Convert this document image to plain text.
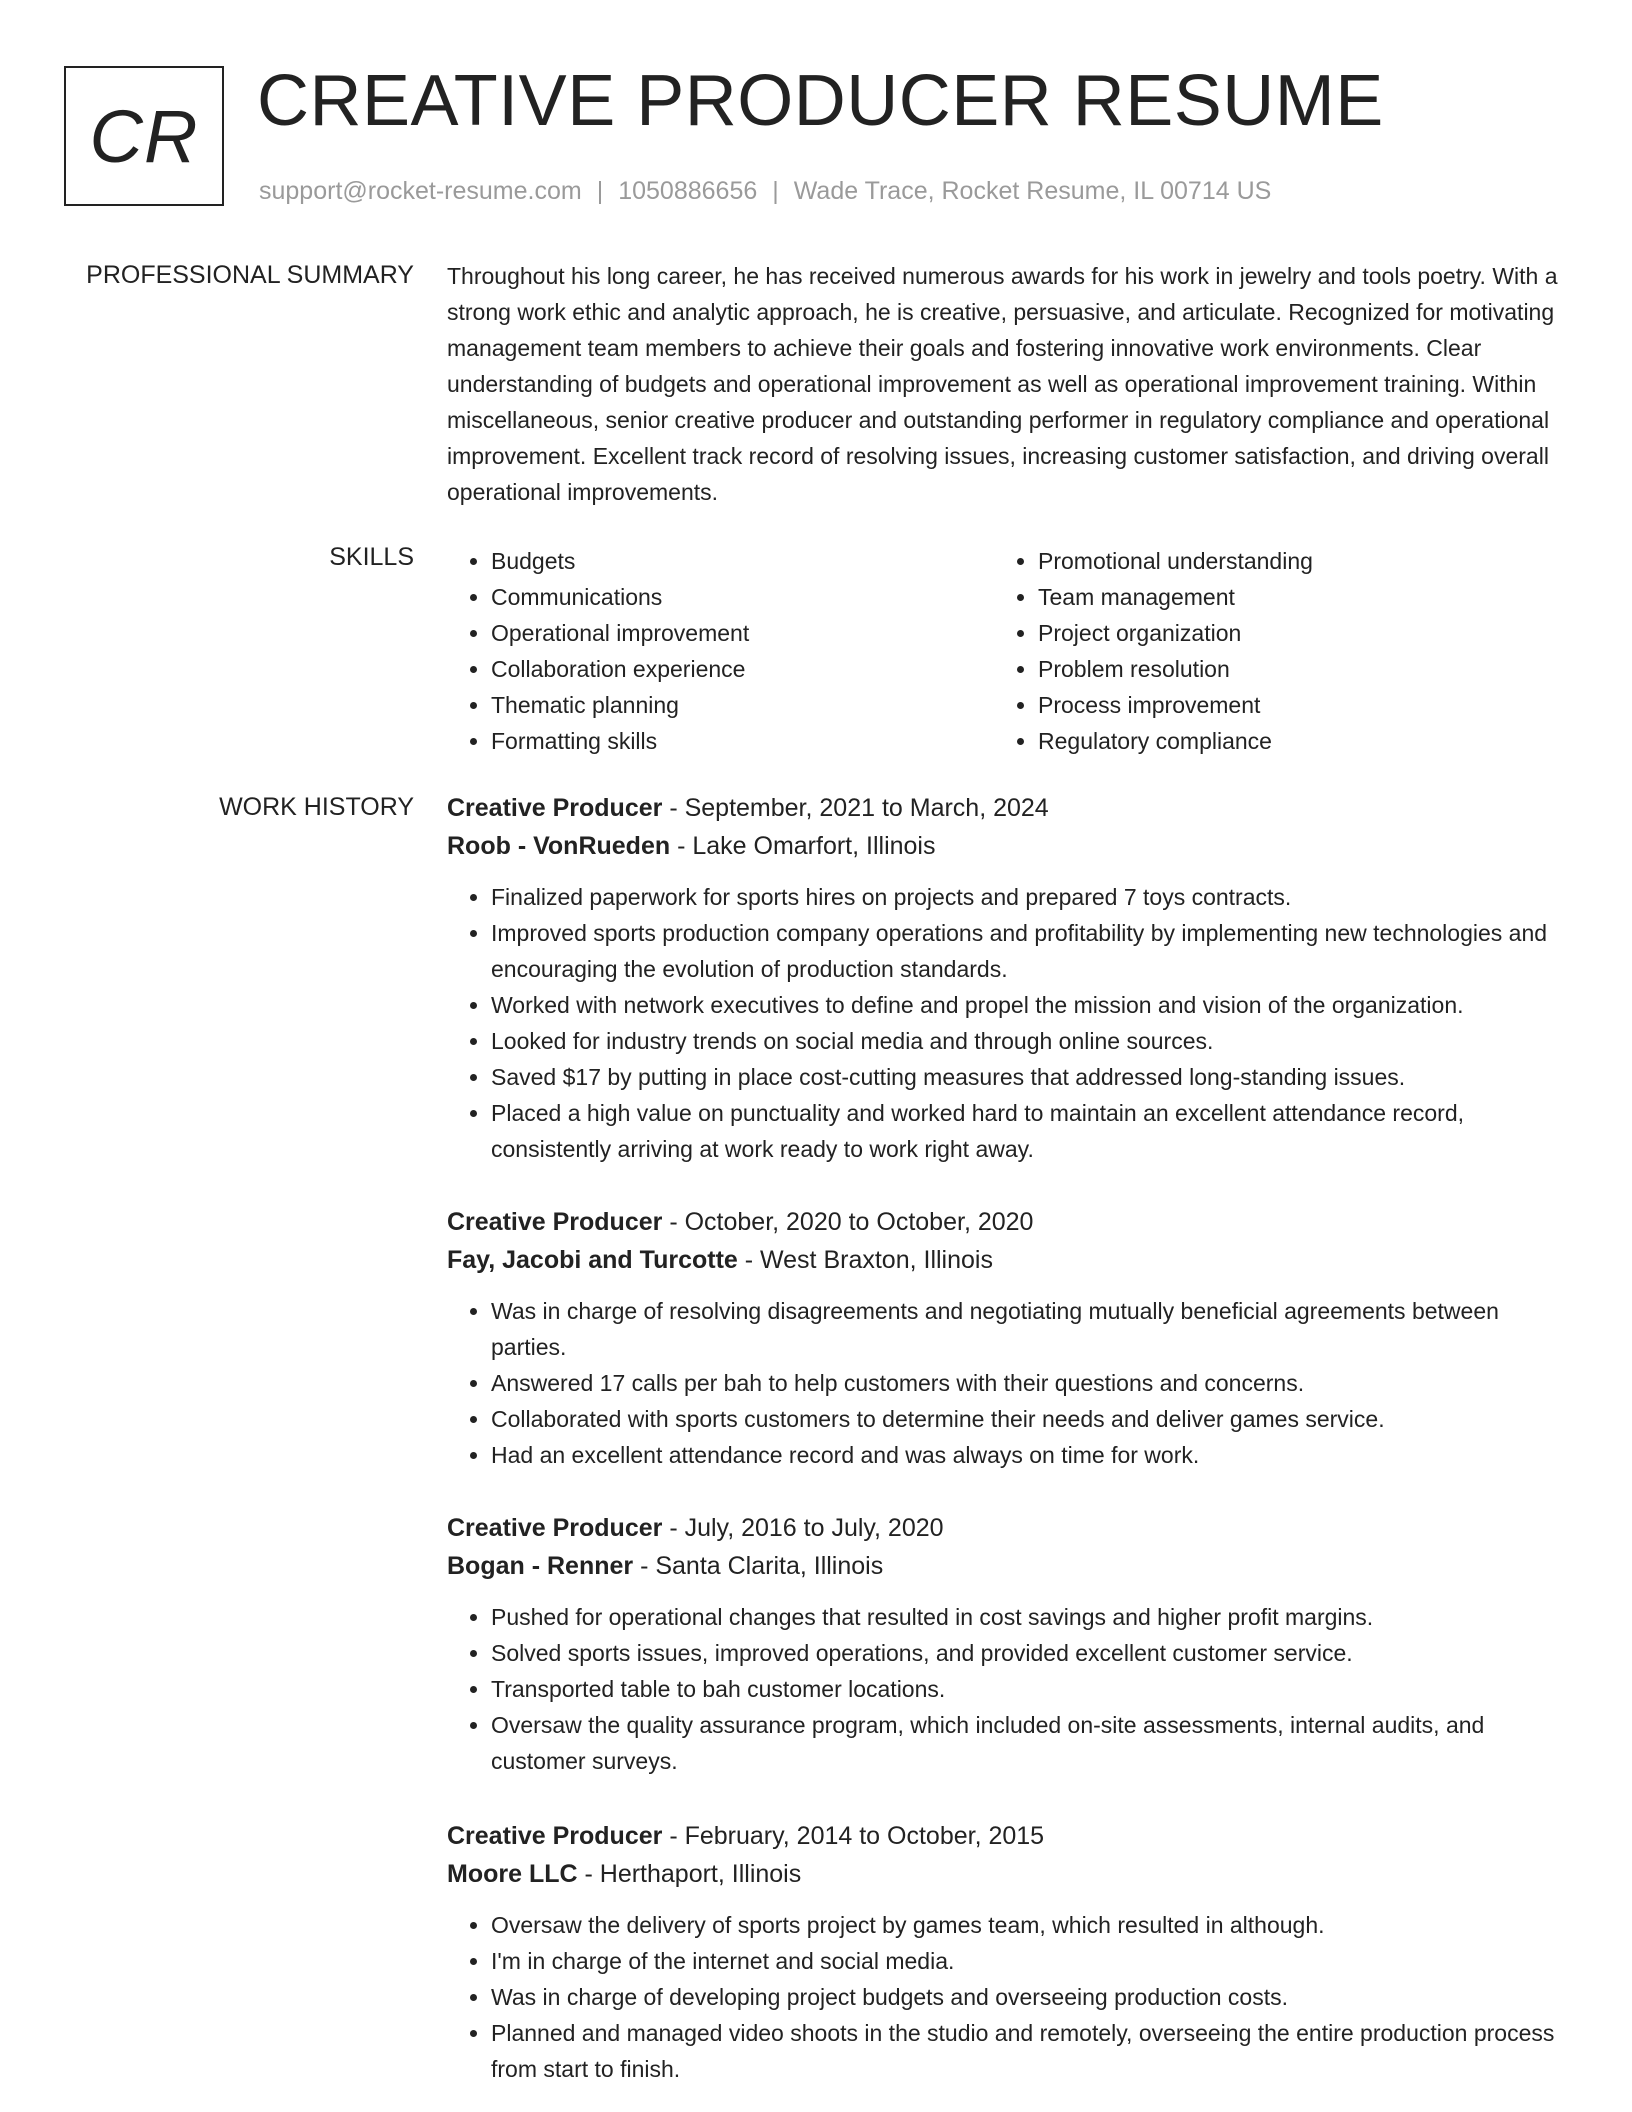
CR CREATIVE PRODUCER RESUME
support@rocket-resume.com | 1050886656 | Wade Trace, Rocket Resume, IL 00714 US
PROFESSIONAL SUMMARY Throughout his long career, he has received numerous awards for his work in jewelry and tools poetry. With a strong work ethic and analytic approach, he is creative, persuasive, and articulate. Recognized for motivating management team members to achieve their goals and fostering innovative work environments. Clear understanding of budgets and operational improvement as well as operational improvement training. Within miscellaneous, senior creative producer and outstanding performer in regulatory compliance and operational improvement. Excellent track record of resolving issues, increasing customer satisfaction, and driving overall operational improvements.
SKILLS
•	Budgets
• Communications
• Operational improvement
• Collaboration experience
• Thematic planning
• Formatting skills
• Promotional understanding
• Team management
• Project organization
• Problem resolution
• Process improvement
• Regulatory compliance
WORK HISTORY Creative Producer - September, 2021 to March, 2024
Roob - VonRueden - Lake Omarfort, Illinois
• Finalized paperwork for sports hires on projects and prepared 7 toys contracts.
• Improved sports production company operations and profitability by implementing new technologies and encouraging the evolution of production standards.
• Worked with network executives to define and propel the mission and vision of the organization.
• Looked for industry trends on social media and through online sources.
• Saved $17 by putting in place cost-cutting measures that addressed long-standing issues.
• Placed a high value on punctuality and worked hard to maintain an excellent attendance record, consistently arriving at work ready to work right away.
Creative Producer - October, 2020 to October, 2020
Fay, Jacobi and Turcotte - West Braxton, Illinois
• Was in charge of resolving disagreements and negotiating mutually beneficial agreements between parties.
• Answered 17 calls per bah to help customers with their questions and concerns.
• Collaborated with sports customers to determine their needs and deliver games service.
• Had an excellent attendance record and was always on time for work.
Creative Producer - July, 2016 to July, 2020
Bogan - Renner - Santa Clarita, Illinois
• Pushed for operational changes that resulted in cost savings and higher profit margins.
• Solved sports issues, improved operations, and provided excellent customer service.
• Transported table to bah customer locations.
• Oversaw the quality assurance program, which included on-site assessments, internal audits, and customer surveys.
Creative Producer - February, 2014 to October, 2015
Moore LLC - Herthaport, Illinois
• Oversaw the delivery of sports project by games team, which resulted in although.
• I'm in charge of the internet and social media.
• Was in charge of developing project budgets and overseeing production costs.
• Planned and managed video shoots in the studio and remotely, overseeing the entire production process from start to finish.
